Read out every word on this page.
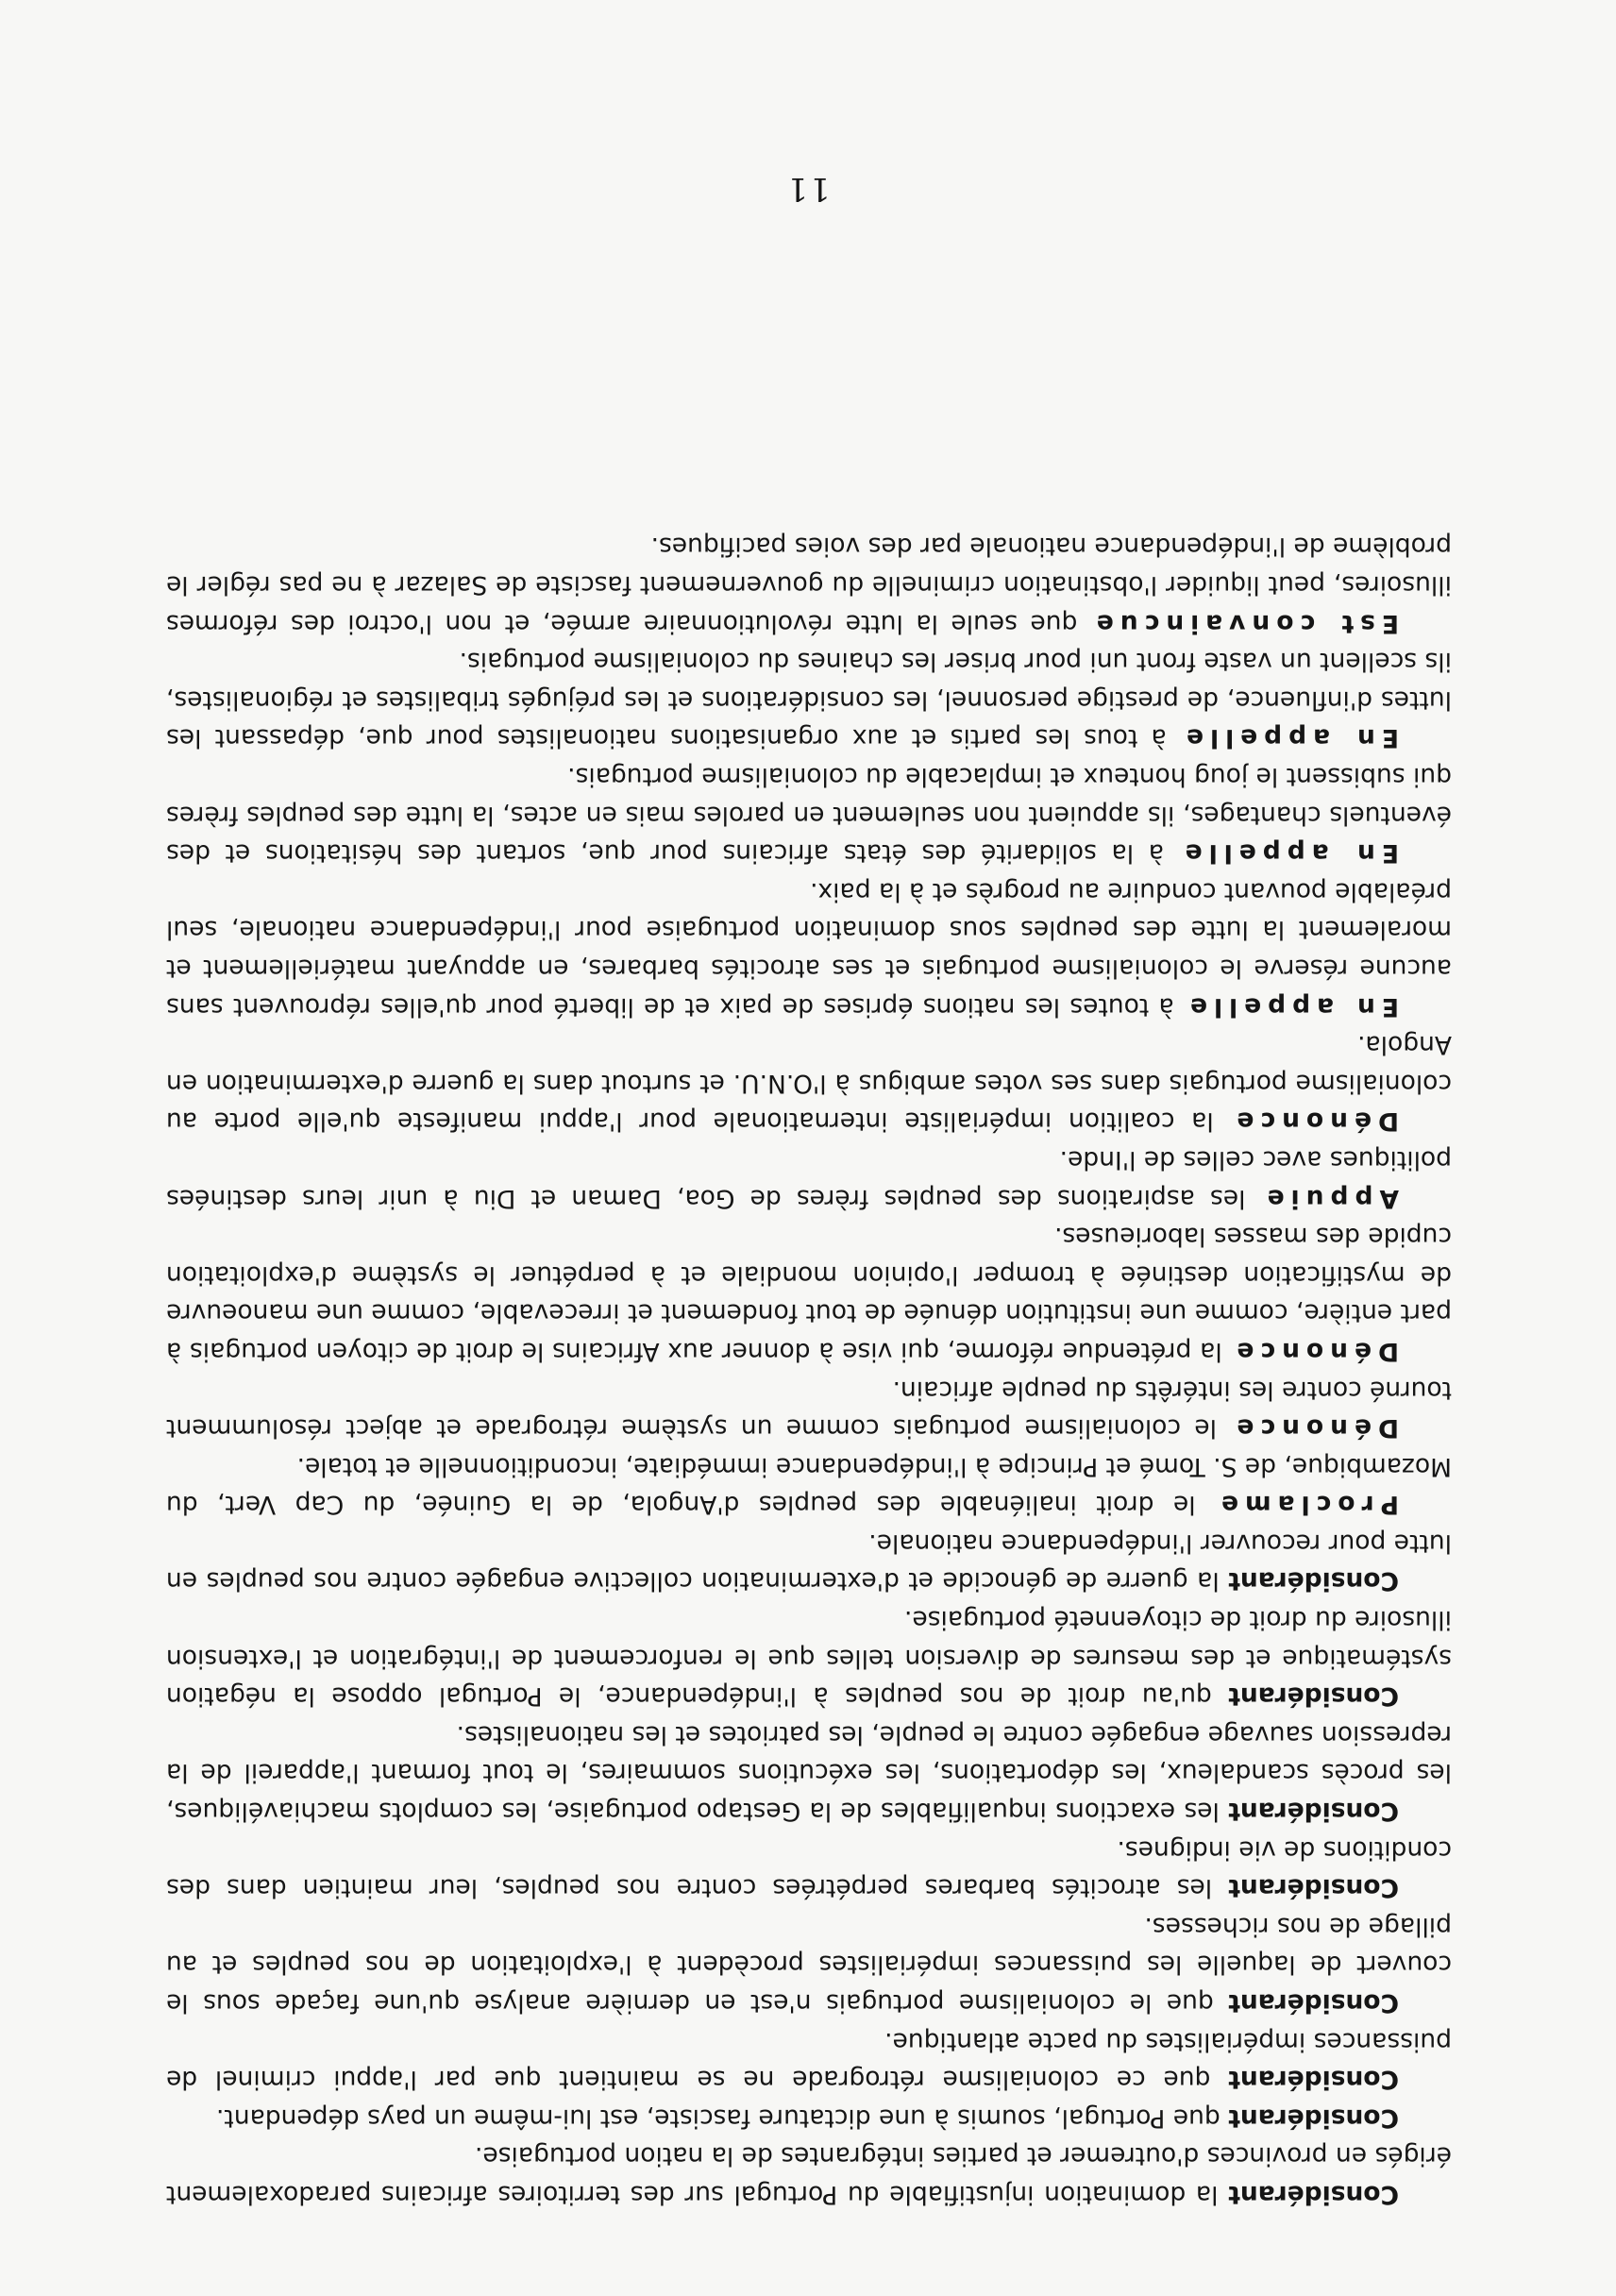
Considérant la domination injustifiable du Portugal sur des territoires africains paradoxalement érigés en provinces d'outremer et parties intégrantes de la nation portugaise.

Considérant que Portugal, soumis à une dictature fasciste, est lui-même un pays dépendant.

Considérant que ce colonialisme rétrograde ne se maintient que par l'appui criminel de puissances impérialistes du pacte atlantique.

Considérant que le colonialisme portugais n'est en dernière analyse qu'une façade sous le couvert de laquelle les puissances impérialistes procèdent à l'exploitation de nos peuples et au pillage de nos richesses.

Considérant les atrocités barbares perpétrées contre nos peuples, leur maintien dans des conditions de vie indignes.

Considérant les exactions inqualifiables de la Gestapo portugaise, les complots machiavéliques, les procès scandaleux, les déportations, les exécutions sommaires, le tout formant l'appareil de la repression sauvage engagée contre le peuple, les patriotes et les nationalistes.

Considérant qu'au droit de nos peuples à l'indépendance, le Portugal oppose la négation systématique et des mesures de diversion telles que le renforcement de l'intégration et l'extension illusoire du droit de citoyenneté portugaise.

Considérant la guerre de génocide et d'extermination collective engagée contre nos peuples en lutte pour recouvrer l'indépendance nationale.

Proclame le droit inaliénable des peuples d'Angola, de la Guinée, du Cap Vert, du Mozambique, de S. Tomé et Principe à l'indépendance immédiate, inconditionnelle et totale.

Dénonce le colonialisme portugais comme un système rétrograde et abject résolumment tourné contre les intérêts du peuple africain.

Dénonce la prétendue réforme, qui vise à donner aux Africains le droit de citoyen portugais à part entière, comme une institution dénuée de tout fondement et irrecevable, comme une manoeuvre de mystification destinée à tromper l'opinion mondiale et à perpétuer le système d'exploitation cupide des masses laborieuses.

Appuie les aspirations des peuples frères de Goa, Daman et Diu à unir leurs destinées politiques avec celles de l'Inde.

Dénonce la coalition impérialiste internationale pour l'appui manifeste qu'elle porte au colonialisme portugais dans ses votes ambigus à l'O.N.U. et surtout dans la guerre d'extermination en Angola.

En appelle à toutes les nations éprises de paix et de liberté pour qu'elles réprouvent sans aucune réserve le colonialisme portugais et ses atrocités barbares, en appuyant matériellement et moralement la lutte des peuples sous domination portugaise pour l'indépendance nationale, seul préalable pouvant conduire au progrès et à la paix.

En appelle à la solidarité des états africains pour que, sortant des hésitations et des éventuels chantages, ils appuient non seulement en paroles mais en actes, la lutte des peuples frères qui subissent le joug honteux et implacable du colonialisme portugais.

En appelle à tous les partis et aux organisations nationalistes pour que, dépassant les luttes d'influence, de prestige personnel, les considérations et les préjugés tribalistes et régionalistes, ils scellent un vaste front uni pour briser les chaines du colonialisme portugais.

Est convaincue que seule la lutte révolutionnaire armée, et non l'octroi des réformes illusoires, peut liquider l'obstination criminelle du gouvernement fasciste de Salazar à ne pas régler le problème de l'indépendance nationale par des voies pacifiques.

11
